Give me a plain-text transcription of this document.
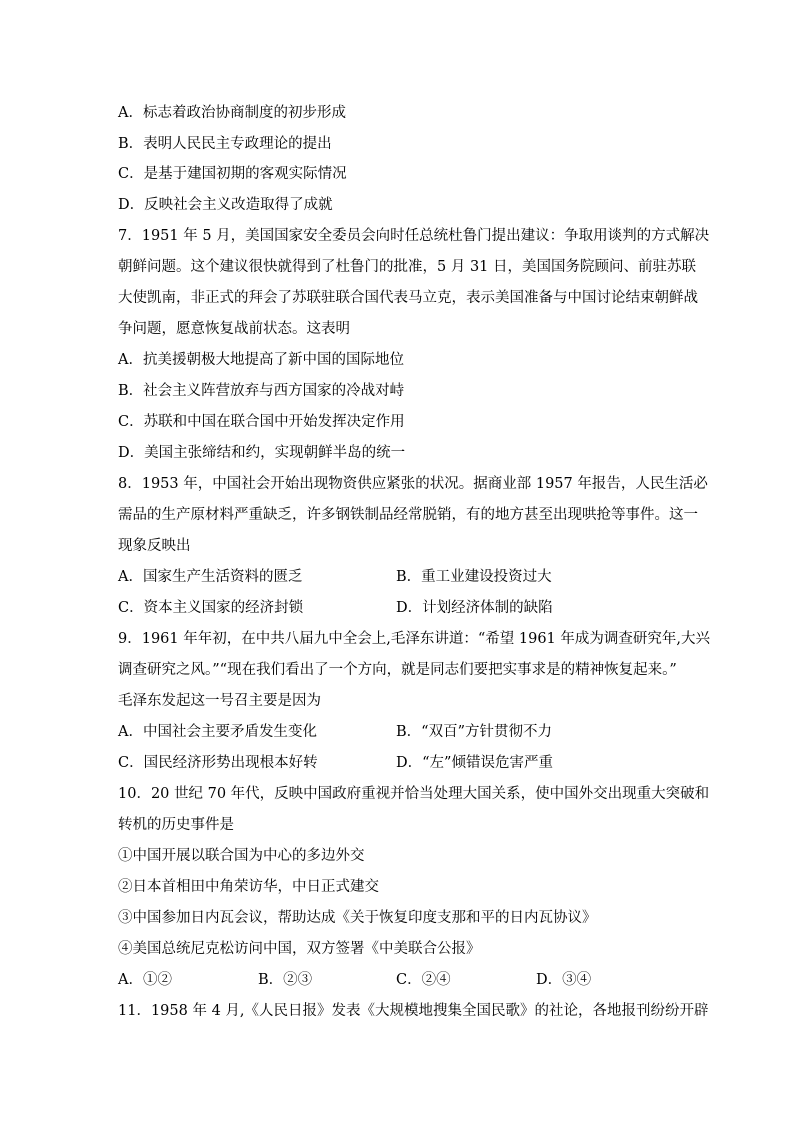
A．标志着政治协商制度的初步形成
B．表明人民民主专政理论的提出
C．是基于建国初期的客观实际情况
D．反映社会主义改造取得了成就
7．1951 年 5 月，美国国家安全委员会向时任总统杜鲁门提出建议：争取用谈判的方式解决
朝鲜问题。这个建议很快就得到了杜鲁门的批准，5 月 31 日，美国国务院顾问、前驻苏联
大使凯南，非正式的拜会了苏联驻联合国代表马立克，表示美国准备与中国讨论结束朝鲜战
争问题，愿意恢复战前状态。这表明
A．抗美援朝极大地提高了新中国的国际地位
B．社会主义阵营放弃与西方国家的冷战对峙
C．苏联和中国在联合国中开始发挥决定作用
D．美国主张缔结和约，实现朝鲜半岛的统一
8．1953 年，中国社会开始出现物资供应紧张的状况。据商业部 1957 年报告，人民生活必
需品的生产原材料严重缺乏，许多钢铁制品经常脱销，有的地方甚至出现哄抢等事件。这一
现象反映出
A．国家生产生活资料的匮乏	B．重工业建设投资过大
C．资本主义国家的经济封锁	D．计划经济体制的缺陷
9．1961 年年初，在中共八届九中全会上,毛泽东讲道：“希望 1961 年成为调查研究年,大兴
调查研究之风。”“现在我们看出了一个方向，就是同志们要把实事求是的精神恢复起来。”
毛泽东发起这一号召主要是因为
A．中国社会主要矛盾发生变化	B．“双百”方针贯彻不力
C．国民经济形势出现根本好转	D．“左”倾错误危害严重
10．20 世纪 70 年代，反映中国政府重视并恰当处理大国关系，使中国外交出现重大突破和
转机的历史事件是
①中国开展以联合国为中心的多边外交
②日本首相田中角荣访华，中日正式建交
③中国参加日内瓦会议，帮助达成《关于恢复印度支那和平的日内瓦协议》
④美国总统尼克松访问中国，双方签署《中美联合公报》
A．①②	B．②③	C．②④	D．③④
11．1958 年 4 月,《人民日报》发表《大规模地搜集全国民歌》的社论，各地报刊纷纷开辟
